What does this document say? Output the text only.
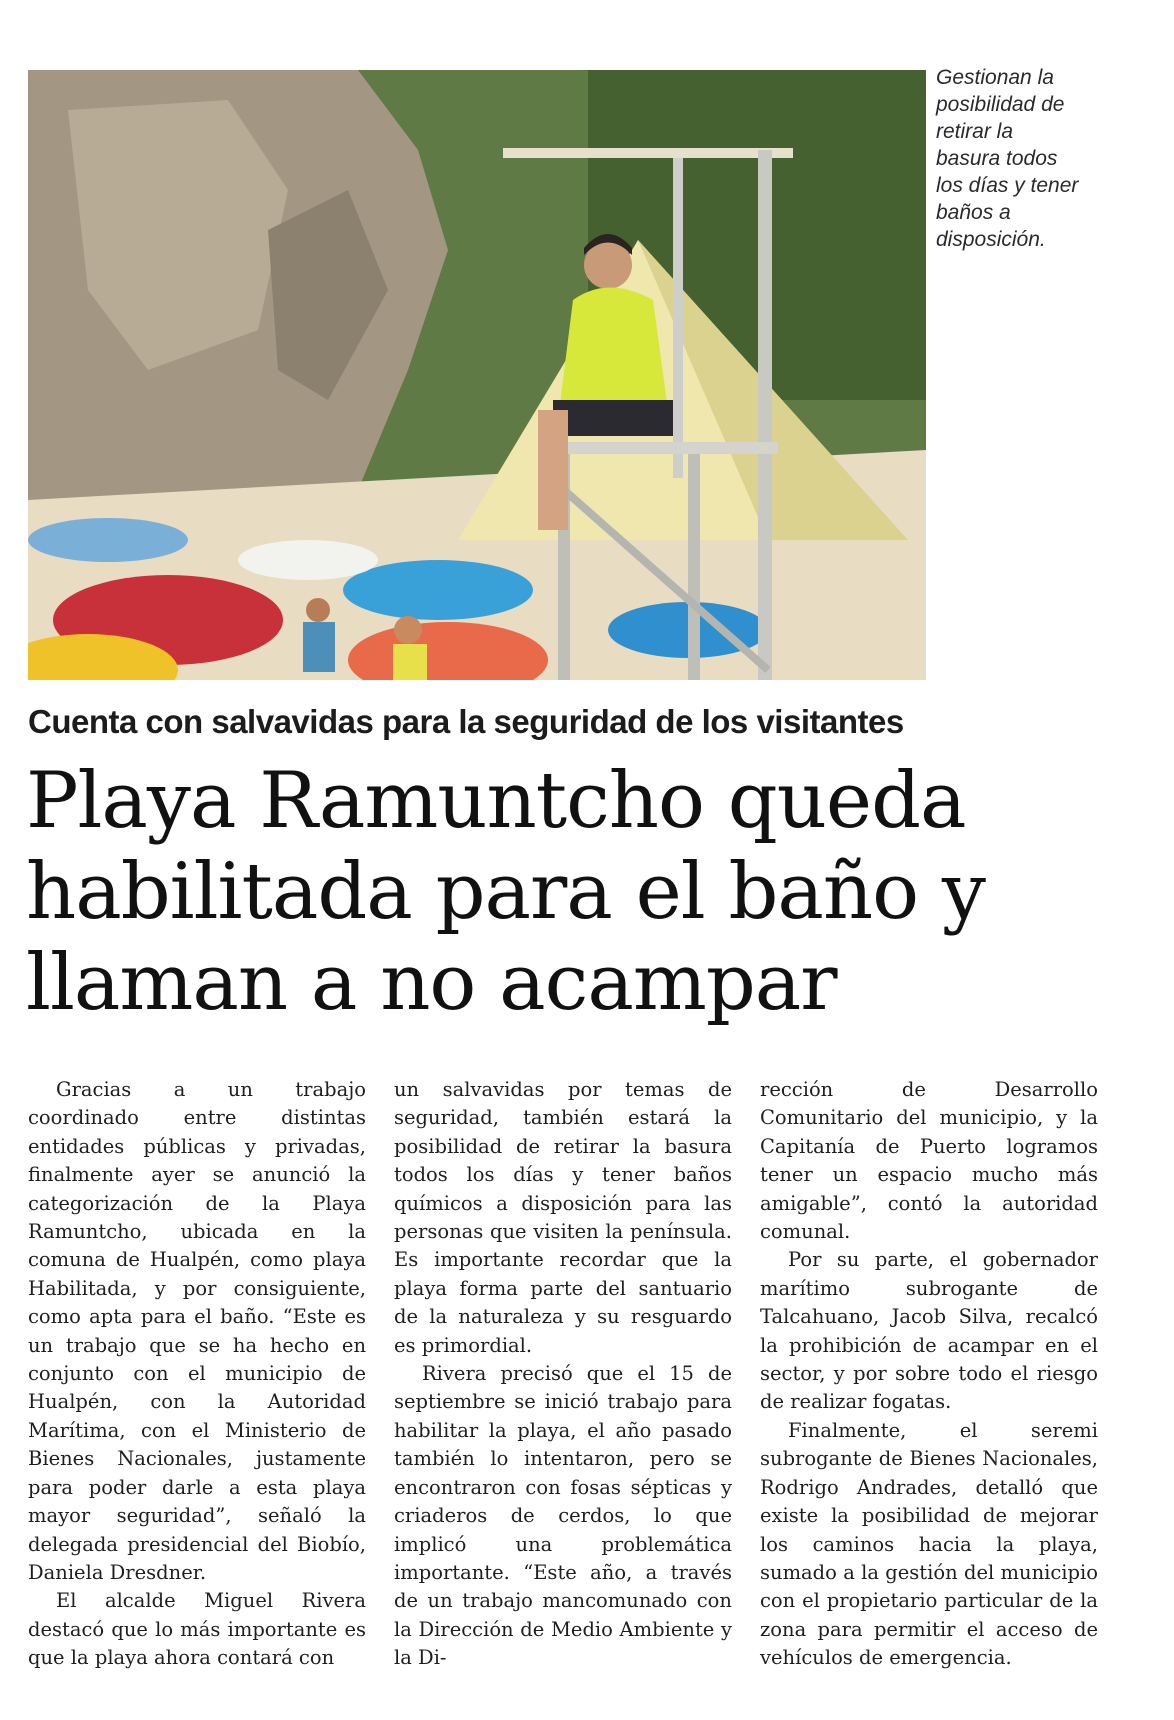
Gestionan la
posibilidad de
retirar la
basura todos
los días y tener
baños a
disposición.
Cuenta con salvavidas para la seguridad de los visitantes
Playa Ramuntcho queda
habilitada para el baño y
llaman a no acampar

Gracias a un trabajo coordinado entre distintas entidades públicas y privadas, finalmente ayer se anunció la categorización de la Playa Ramuntcho, ubicada en la comuna de Hualpén, como playa Habilitada, y por consiguiente, como apta para el baño. “Este es un trabajo que se ha hecho en conjunto con el municipio de Hualpén, con la Autoridad Marítima, con el Ministerio de Bienes Nacionales, justamente para poder darle a esta playa mayor seguridad”, señaló la delegada presidencial del Biobío, Daniela Dresdner.

El alcalde Miguel Rivera destacó que lo más importante es que la playa ahora contará con

un salvavidas por temas de seguridad, también estará la posibilidad de retirar la basura todos los días y tener baños químicos a disposición para las personas que visiten la península. Es importante recordar que la playa forma parte del santuario de la naturaleza y su resguardo es primordial.

Rivera precisó que el 15 de septiembre se inició trabajo para habilitar la playa, el año pasado también lo intentaron, pero se encontraron con fosas sépticas y criaderos de cerdos, lo que implicó una problemática importante. “Este año, a través de un trabajo mancomunado con la Dirección de Medio Ambiente y la Di-

rección de Desarrollo Comunitario del municipio, y la Capitanía de Puerto logramos tener un espacio mucho más amigable”, contó la autoridad comunal.

Por su parte, el gobernador marítimo subrogante de Talcahuano, Jacob Silva, recalcó la prohibición de acampar en el sector, y por sobre todo el riesgo de realizar fogatas.

Finalmente, el seremi subrogante de Bienes Nacionales, Rodrigo Andrades, detalló que existe la posibilidad de mejorar los caminos hacia la playa, sumado a la gestión del municipio con el propietario particular de la zona para permitir el acceso de vehículos de emergencia.
